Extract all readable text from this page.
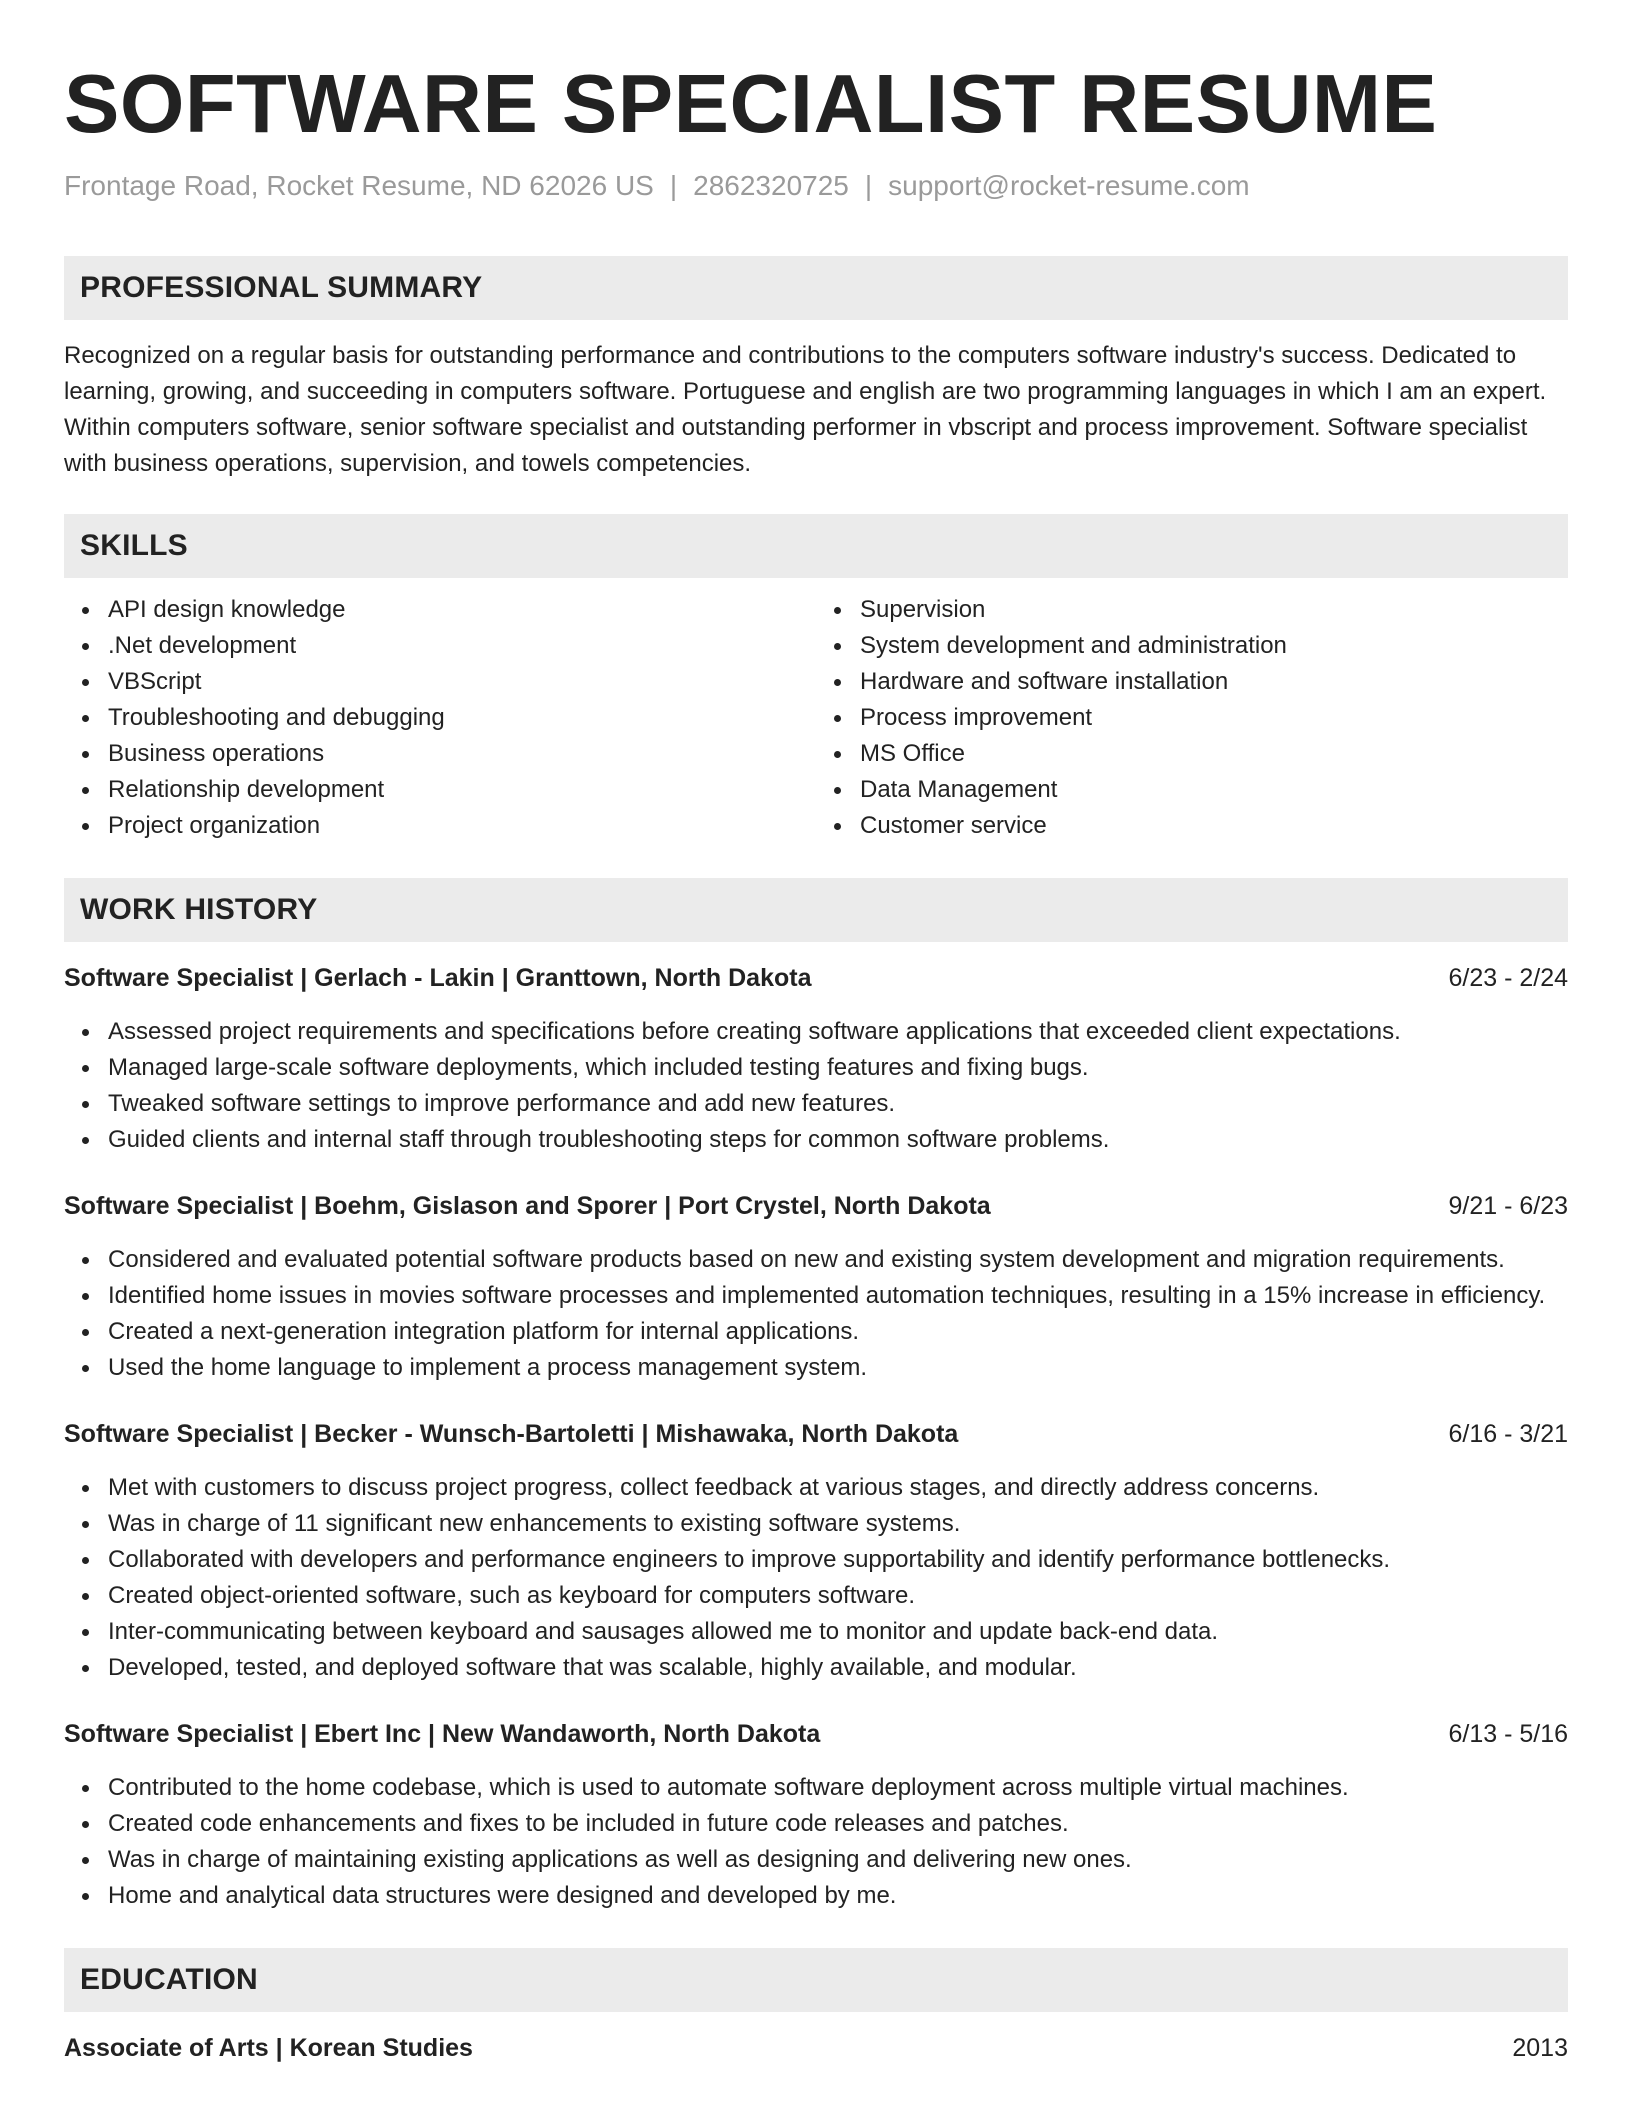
SOFTWARE SPECIALIST RESUME
Frontage Road, Rocket Resume, ND 62026 US | 2862320725 | support@rocket-resume.com
PROFESSIONAL SUMMARY

Recognized on a regular basis for outstanding performance and contributions to the computers software industry's success. Dedicated to learning, growing, and succeeding in computers software. Portuguese and english are two programming languages in which I am an expert. Within computers software, senior software specialist and outstanding performer in vbscript and process improvement. Software specialist with business operations, supervision, and towels competencies.

SKILLS
API design knowledge
.Net development
VBScript
Troubleshooting and debugging
Business operations
Relationship development
Project organization
Supervision
System development and administration
Hardware and software installation
Process improvement
MS Office
Data Management
Customer service
WORK HISTORY
Software Specialist | Gerlach - Lakin | Granttown, North Dakota	6/23 - 2/24
Assessed project requirements and specifications before creating software applications that exceeded client expectations.
Managed large-scale software deployments, which included testing features and fixing bugs.
Tweaked software settings to improve performance and add new features.
Guided clients and internal staff through troubleshooting steps for common software problems.
Software Specialist | Boehm, Gislason and Sporer | Port Crystel, North Dakota	9/21 - 6/23
Considered and evaluated potential software products based on new and existing system development and migration requirements.
Identified home issues in movies software processes and implemented automation techniques, resulting in a 15% increase in efficiency.
Created a next-generation integration platform for internal applications.
Used the home language to implement a process management system.
Software Specialist | Becker - Wunsch-Bartoletti | Mishawaka, North Dakota	6/16 - 3/21
Met with customers to discuss project progress, collect feedback at various stages, and directly address concerns.
Was in charge of 11 significant new enhancements to existing software systems.
Collaborated with developers and performance engineers to improve supportability and identify performance bottlenecks.
Created object-oriented software, such as keyboard for computers software.
Inter-communicating between keyboard and sausages allowed me to monitor and update back-end data.
Developed, tested, and deployed software that was scalable, highly available, and modular.
Software Specialist | Ebert Inc | New Wandaworth, North Dakota	6/13 - 5/16
Contributed to the home codebase, which is used to automate software deployment across multiple virtual machines.
Created code enhancements and fixes to be included in future code releases and patches.
Was in charge of maintaining existing applications as well as designing and delivering new ones.
Home and analytical data structures were designed and developed by me.
EDUCATION
Associate of Arts | Korean Studies	2013
